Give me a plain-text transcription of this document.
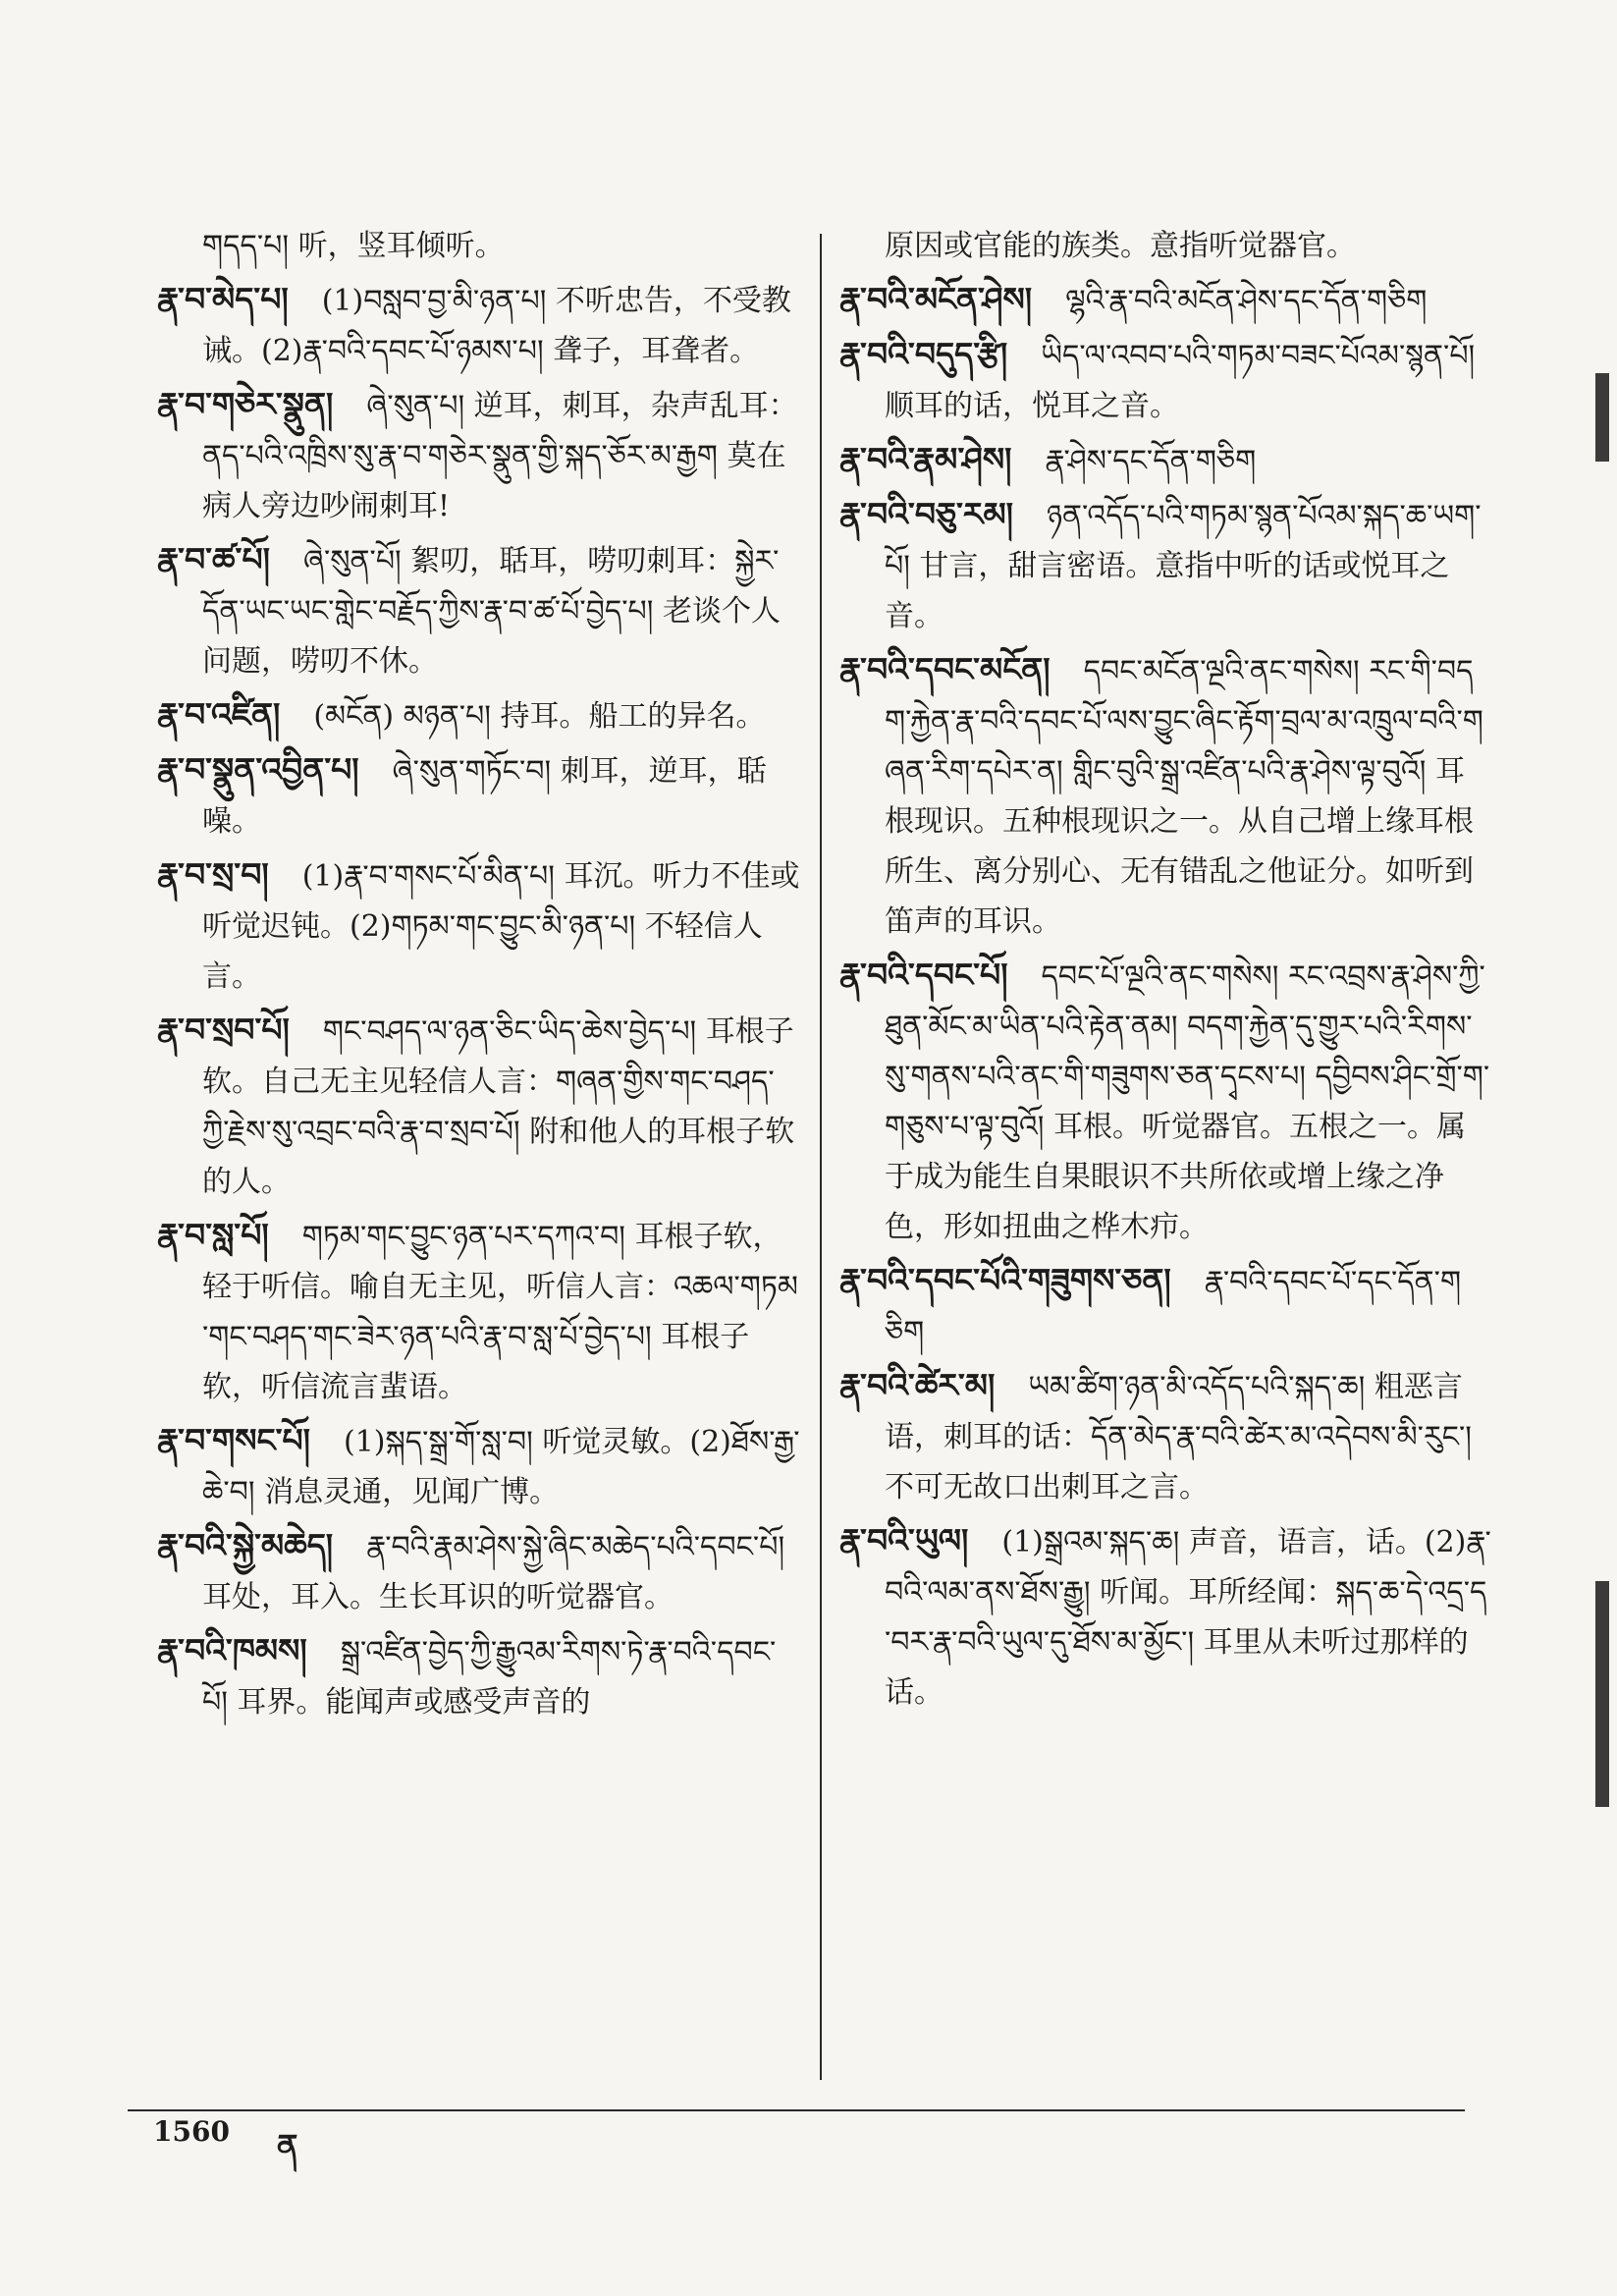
གདད་པ། 听，竖耳倾听。
རྣ་བ་མེད་པ། (1)བསླབ་བྱ་མི་ཉན་པ། 不听忠告，不受教诫。(2)རྣ་བའི་དབང་པོ་ཉམས་པ། 聋子，耳聋者。
རྣ་བ་གཅེར་སྣུན། ཞེ་སུན་པ། 逆耳，刺耳，杂声乱耳：ནད་པའི་འཁྲིས་སུ་རྣ་བ་གཅེར་སྣུན་གྱི་སྐད་ཅོར་མ་རྒྱག 莫在病人旁边吵闹刺耳!
རྣ་བ་ཚ་པོ། ཞེ་སུན་པོ། 絮叨，聒耳，唠叨刺耳：སྐྱེར་དོན་ཡང་ཡང་གླེང་བརྗོད་ཀྱིས་རྣ་བ་ཚ་པོ་བྱེད་པ། 老谈个人问题，唠叨不休。
རྣ་བ་འཛིན། (མངོན) མཉན་པ། 持耳。船工的异名。
རྣ་བ་སྣུན་འབྱིན་པ། ཞེ་སུན་གཏོང་བ། 刺耳，逆耳，聒噪。
རྣ་བ་སྲ་བ། (1)རྣ་བ་གསང་པོ་མིན་པ། 耳沉。听力不佳或听觉迟钝。(2)གཏམ་གང་བྱུང་མི་ཉན་པ། 不轻信人言。
རྣ་བ་སྲབ་པོ། གང་བཤད་ལ་ཉན་ཅིང་ཡིད་ཆེས་བྱེད་པ། 耳根子软。自己无主见轻信人言：གཞན་གྱིས་གང་བཤད་ཀྱི་རྗེས་སུ་འབྲང་བའི་རྣ་བ་སྲབ་པོ། 附和他人的耳根子软的人。
རྣ་བ་སླ་པོ། གཏམ་གང་བྱུང་ཉན་པར་དཀའ་བ། 耳根子软，轻于听信。喻自无主见，听信人言：འཆལ་གཏམ་གང་བཤད་གང་ཟེར་ཉན་པའི་རྣ་བ་སླ་པོ་བྱེད་པ། 耳根子软，听信流言蜚语。
རྣ་བ་གསང་པོ། (1)སྐད་སྒྲ་གོ་སླ་བ། 听觉灵敏。(2)ཐོས་རྒྱ་ཆེ་བ། 消息灵通，见闻广博。
རྣ་བའི་སྐྱེ་མཆེད། རྣ་བའི་རྣམ་ཤེས་སྐྱེ་ཞིང་མཆེད་པའི་དབང་པོ། 耳处，耳入。生长耳识的听觉器官。
རྣ་བའི་ཁམས། སྒྲ་འཛིན་བྱེད་ཀྱི་རྒྱུའམ་རིགས་ཏེ་རྣ་བའི་དབང་པོ། 耳界。能闻声或感受声音的
原因或官能的族类。意指听觉器官。
རྣ་བའི་མངོན་ཤེས། ལྷའི་རྣ་བའི་མངོན་ཤེས་དང་དོན་གཅིག
རྣ་བའི་བདུད་རྩི། ཡིད་ལ་འབབ་པའི་གཏམ་བཟང་པོའམ་སྙན་པོ། 顺耳的话，悦耳之音。
རྣ་བའི་རྣམ་ཤེས། རྣ་ཤེས་དང་དོན་གཅིག
རྣ་བའི་བཅུ་རམ། ཉན་འདོད་པའི་གཏམ་སྙན་པོའམ་སྐད་ཆ་ཡག་པོ། 甘言，甜言密语。意指中听的话或悦耳之音。
རྣ་བའི་དབང་མངོན། དབང་མངོན་ལྔའི་ནང་གསེས། རང་གི་བདག་རྐྱེན་རྣ་བའི་དབང་པོ་ལས་བྱུང་ཞིང་རྟོག་བྲལ་མ་འཁྲུལ་བའི་གཞན་རིག་དཔེར་ན། གླིང་བུའི་སྒྲ་འཛིན་པའི་རྣ་ཤེས་ལྟ་བུའོ། 耳根现识。五种根现识之一。从自己增上缘耳根所生、离分别心、无有错乱之他证分。如听到笛声的耳识。
རྣ་བའི་དབང་པོ། དབང་པོ་ལྔའི་ནང་གསེས། རང་འབྲས་རྣ་ཤེས་ཀྱི་ཐུན་མོང་མ་ཡིན་པའི་རྟེན་ནམ། བདག་རྐྱེན་དུ་གྱུར་པའི་རིགས་སུ་གནས་པའི་ནང་གི་གཟུགས་ཅན་དྭངས་པ། དབྱིབས་ཤིང་གྲོ་ག་གཅུས་པ་ལྟ་བུའོ། 耳根。听觉器官。五根之一。属于成为能生自果眼识不共所依或增上缘之净色，形如扭曲之桦木疖。
རྣ་བའི་དབང་པོའི་གཟུགས་ཅན། རྣ་བའི་དབང་པོ་དང་དོན་གཅིག
རྣ་བའི་ཚེར་མ། ཡམ་ཚིག་ཉན་མི་འདོད་པའི་སྐད་ཆ། 粗恶言语，刺耳的话：དོན་མེད་རྣ་བའི་ཚེར་མ་འདེབས་མི་རུང་། 不可无故口出刺耳之言。
རྣ་བའི་ཡུལ། (1)སྒྲའམ་སྐད་ཆ། 声音，语言，话。(2)རྣ་བའི་ལམ་ནས་ཐོས་རྒྱུ། 听闻。耳所经闻：སྐད་ཆ་དེ་འདྲ་ད་བར་རྣ་བའི་ཡུལ་དུ་ཐོས་མ་མྱོང་། 耳里从未听过那样的话。
1560 ན
